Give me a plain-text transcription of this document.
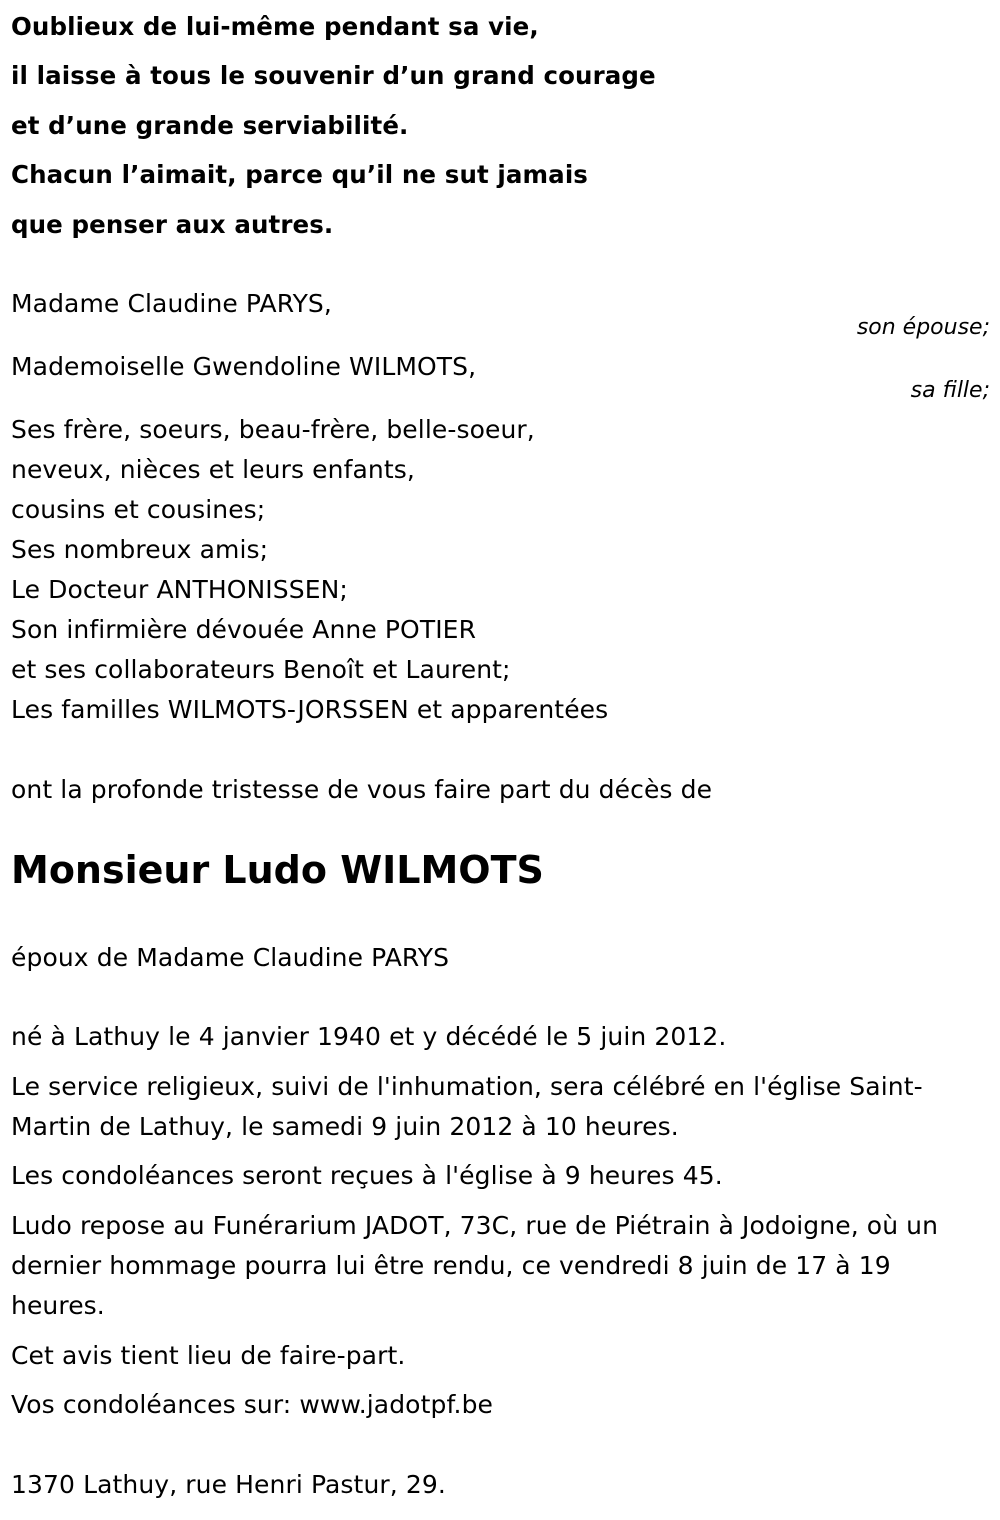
Oublieux de lui-même pendant sa vie,
il laisse à tous le souvenir d’un grand courage
et d’une grande serviabilité.
Chacun l’aimait, parce qu’il ne sut jamais
que penser aux autres.
Madame Claudine PARYS,
son épouse;
Mademoiselle Gwendoline WILMOTS,
sa fille;
Ses frère, soeurs, beau-frère, belle-soeur,
neveux, nièces et leurs enfants,
cousins et cousines;
Ses nombreux amis;
Le Docteur ANTHONISSEN;
Son infirmière dévouée Anne POTIER
et ses collaborateurs Benoît et Laurent;
Les familles WILMOTS-JORSSEN et apparentées
ont la profonde tristesse de vous faire part du décès de
Monsieur Ludo WILMOTS
époux de Madame Claudine PARYS
né à Lathuy le 4 janvier 1940 et y décédé le 5 juin 2012.
Le service religieux, suivi de l'inhumation, sera célébré en l'église Saint-
Martin de Lathuy, le samedi 9 juin 2012 à 10 heures.
Les condoléances seront reçues à l'église à 9 heures 45.
Ludo repose au Funérarium JADOT, 73C, rue de Piétrain à Jodoigne, où un
dernier hommage pourra lui être rendu, ce vendredi 8 juin de 17 à 19
heures.
Cet avis tient lieu de faire-part.
Vos condoléances sur: www.jadotpf.be
1370 Lathuy, rue Henri Pastur, 29.
